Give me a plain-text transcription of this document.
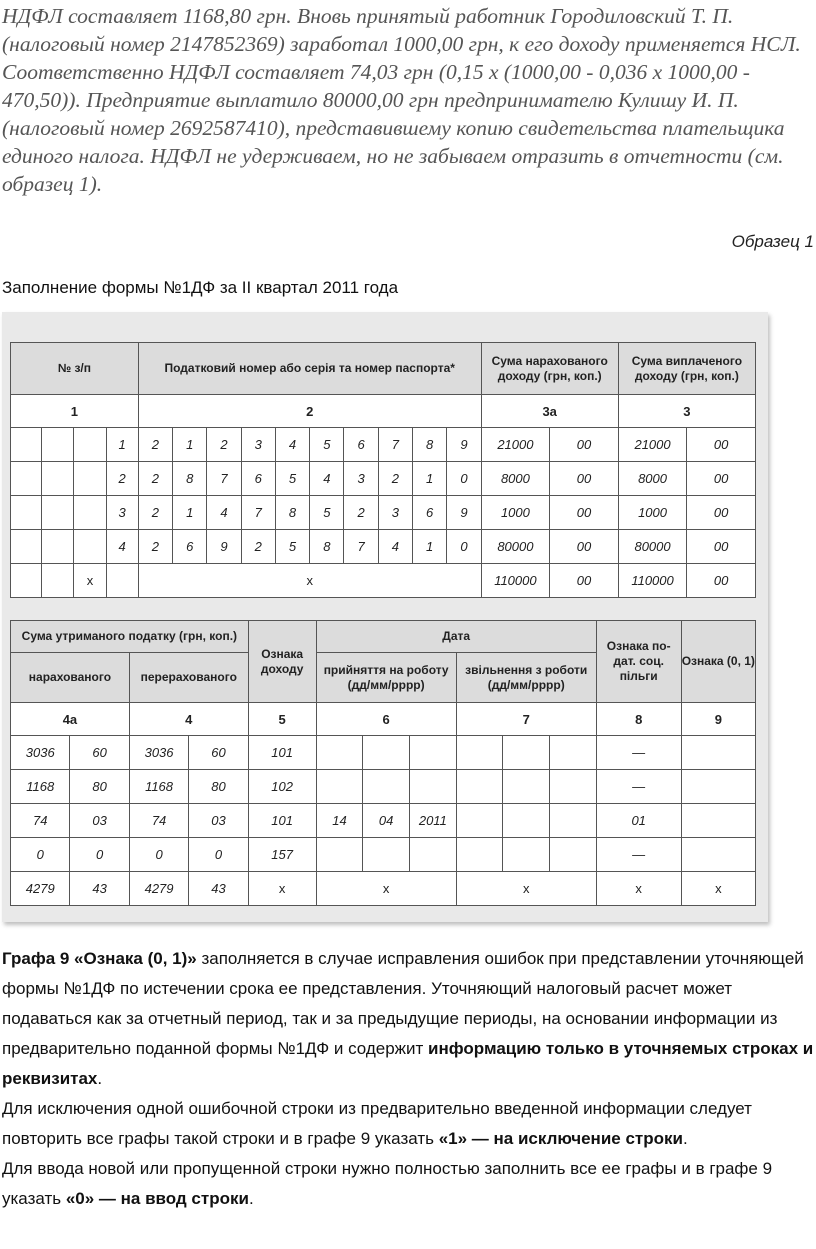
НДФЛ составляет 1168,80 грн. Вновь принятый работник Городиловский Т. П. (налоговый номер 2147852369) заработал 1000,00 грн, к его доходу применяется НСЛ. Соответственно НДФЛ составляет 74,03 грн (0,15 х (1000,00 - 0,036 х 1000,00 - 470,50)). Предприятие выплатило 80000,00 грн предпринимателю Кулишу И. П. (налоговый номер 2692587410), представившему копию свидетельства плательщика единого налога. НДФЛ не удерживаем, но не забываем отразить в отчетности (см. образец 1).
Образец 1
Заполнение формы №1ДФ за II квартал 2011 года
№ з/п				Податковий номер або серія та номер паспорта*										Сума нарахованого доходу (грн, коп.)		Сума виплаченого доходу (грн, коп.)	
1				2										3а		3	
			1	2	1	2	3	4	5	6	7	8	9	21000	00	21000	00
			2	2	8	7	6	5	4	3	2	1	0	8000	00	8000	00
			3	2	1	4	7	8	5	2	3	6	9	1000	00	1000	00
			4	2	6	9	2	5	8	7	4	1	0	80000	00	80000	00
		x		x										110000	00	110000	00
Сума утриманого податку (грн, коп.)				Ознака доходу	Дата						Ознака по-дат. соц. пільги	Ознака (0, 1)
нарахованого		перерахованого			прийняття на роботу (дд/мм/рррр)			звільнення з роботи (дд/мм/рррр)				
4а		4		5	6			7			8	9
3036	60	3036	60	101							—	
1168	80	1168	80	102							—	
74	03	74	03	101	14	04	2011				01	
0	0	0	0	157							—	
4279	43	4279	43	x	x			x			x	x

Графа 9 «Ознака (0, 1)» заполняется в случае исправления ошибок при представлении уточняющей формы №1ДФ по истечении срока ее представления. Уточняющий налоговый расчет может подаваться как за отчетный период, так и за предыдущие периоды, на основании информации из предварительно поданной формы №1ДФ и содержит информацию только в уточняемых строках и реквизитах.

Для исключения одной ошибочной строки из предварительно введенной информации следует повторить все графы такой строки и в графе 9 указать «1» — на исключение строки.

Для ввода новой или пропущенной строки нужно полностью заполнить все ее графы и в графе 9 указать «0» — на ввод строки.
